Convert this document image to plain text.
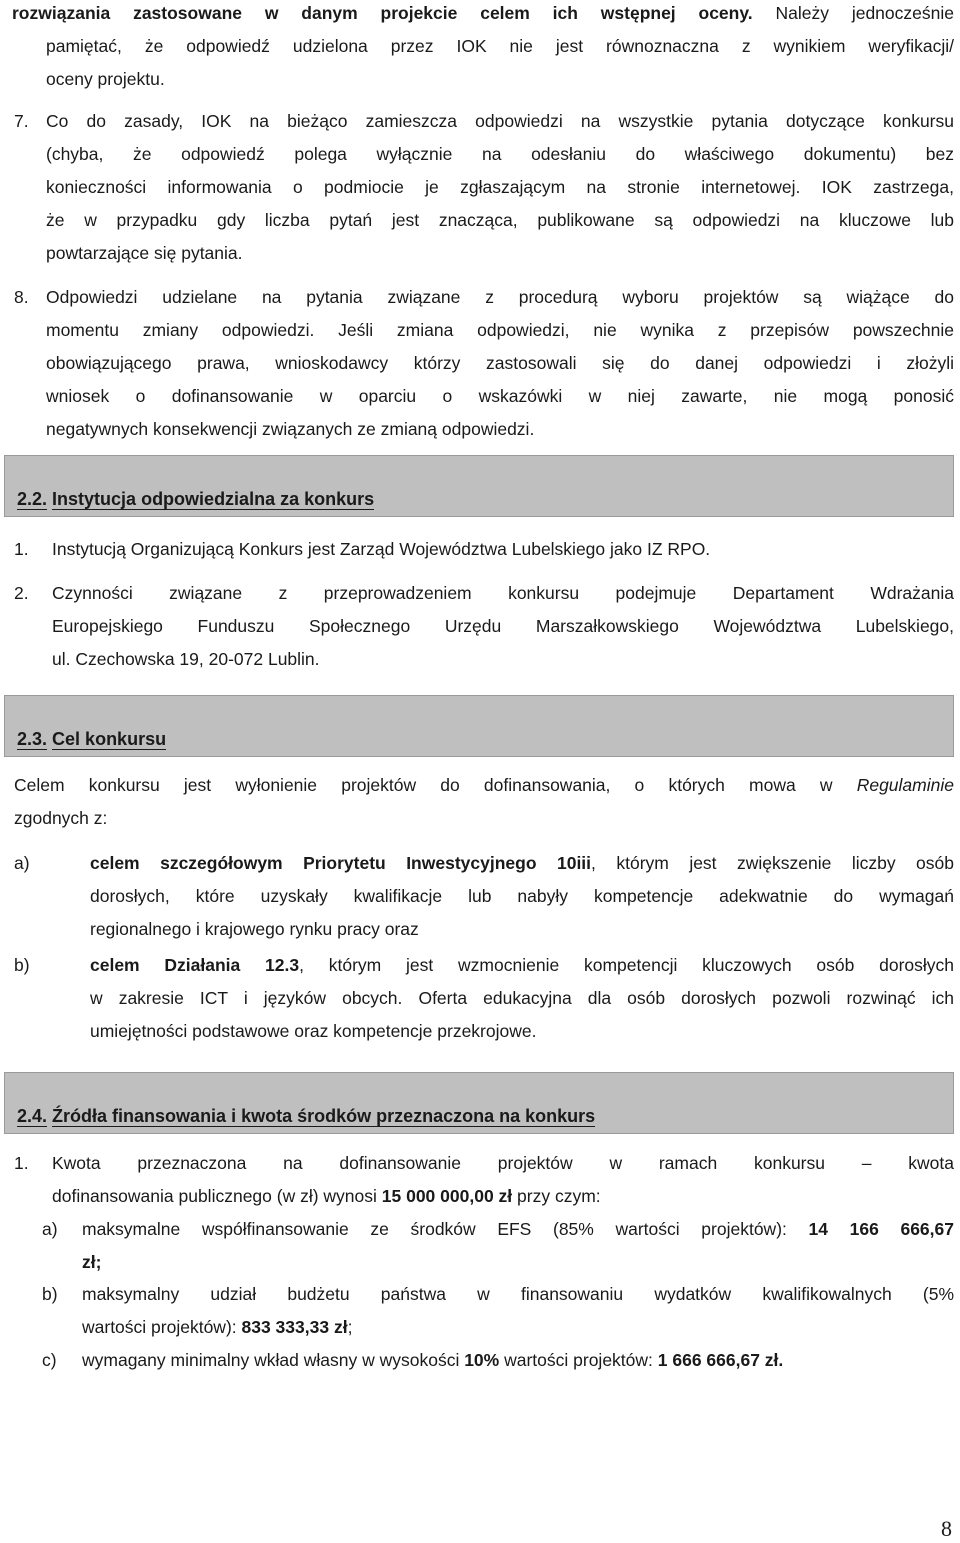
rozwiązania zastosowane w danym projekcie celem ich wstępnej oceny. Należy jednocześnie
pamiętać, że odpowiedź udzielona przez IOK nie jest równoznaczna z wynikiem weryfikacji/
oceny projektu.
7. Co do zasady, IOK na bieżąco zamieszcza odpowiedzi na wszystkie pytania dotyczące konkursu
(chyba, że odpowiedź polega wyłącznie na odesłaniu do właściwego dokumentu) bez
konieczności informowania o podmiocie je zgłaszającym na stronie internetowej. IOK zastrzega,
że w przypadku gdy liczba pytań jest znacząca, publikowane są odpowiedzi na kluczowe lub
powtarzające się pytania.
8. Odpowiedzi udzielane na pytania związane z procedurą wyboru projektów są wiążące do
momentu zmiany odpowiedzi. Jeśli zmiana odpowiedzi, nie wynika z przepisów powszechnie
obowiązującego prawa, wnioskodawcy którzy zastosowali się do danej odpowiedzi i złożyli
wniosek o dofinansowanie w oparciu o wskazówki w niej zawarte, nie mogą ponosić
negatywnych konsekwencji związanych ze zmianą odpowiedzi.
2.2. Instytucja odpowiedzialna za konkurs
1. Instytucją Organizującą Konkurs jest Zarząd Województwa Lubelskiego jako IZ RPO.
2. Czynności związane z przeprowadzeniem konkursu podejmuje Departament Wdrażania
Europejskiego Funduszu Społecznego Urzędu Marszałkowskiego Województwa Lubelskiego,
ul. Czechowska 19, 20-072 Lublin.
2.3. Cel konkursu
Celem konkursu jest wyłonienie projektów do dofinansowania, o których mowa w Regulaminie
zgodnych z:
a)	celem szczegółowym Priorytetu Inwestycyjnego 10iii, którym jest zwiększenie liczby osób
dorosłych, które uzyskały kwalifikacje lub nabyły kompetencje adekwatnie do wymagań
regionalnego i krajowego rynku pracy oraz
b)	celem Działania 12.3, którym jest wzmocnienie kompetencji kluczowych osób dorosłych
w zakresie ICT i języków obcych. Oferta edukacyjna dla osób dorosłych pozwoli rozwinąć ich
umiejętności podstawowe oraz kompetencje przekrojowe.
2.4. Źródła finansowania i kwota środków przeznaczona na konkurs
1. Kwota przeznaczona na dofinansowanie projektów w ramach konkursu – kwota
dofinansowania publicznego (w zł) wynosi 15 000 000,00 zł przy czym:
a) maksymalne współfinansowanie ze środków EFS (85% wartości projektów): 14 166 666,67
zł;
b) maksymalny udział budżetu państwa w finansowaniu wydatków kwalifikowalnych (5%
wartości projektów): 833 333,33 zł;
c) wymagany minimalny wkład własny w wysokości 10% wartości projektów: 1 666 666,67 zł.
8
